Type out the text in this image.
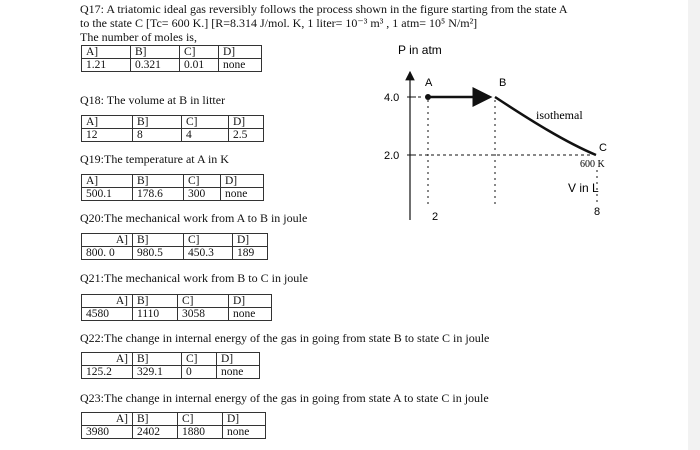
Q17: A triatomic ideal gas reversibly follows the process shown in the figure starting from the state A
to the state C [Tc= 600 K.] [R=8.314 J/mol. K, 1 liter= 10⁻³ m³ , 1 atm= 10⁵ N/m²]
The number of moles is,
A]	B]	C]	D]
1.21	0.321	0.01	none
Q18: The volume at B in litter
A]	B]	C]	D]
12	8	4	2.5
Q19:The temperature at A in K
A]	B]	C]	D]
500.1	178.6	300	none
Q20:The mechanical work from A to B in joule
A]	B]	C]	D]
800. 0	980.5	450.3	189
Q21:The mechanical work from B to C in joule
A]	B]	C]	D]
4580	1110	3058	none
Q22:The change in internal energy of the gas in going from state B to state C in joule
A]	B]	C]	D]
125.2	329.1	0	none
Q23:The change in internal energy of the gas in going from state A to state C in joule
A]	B]	C]	D]
3980	2402	1880	none
P in atm
4.0
2.0
A	B
isothemal
C
600 K
V in L
2	8
